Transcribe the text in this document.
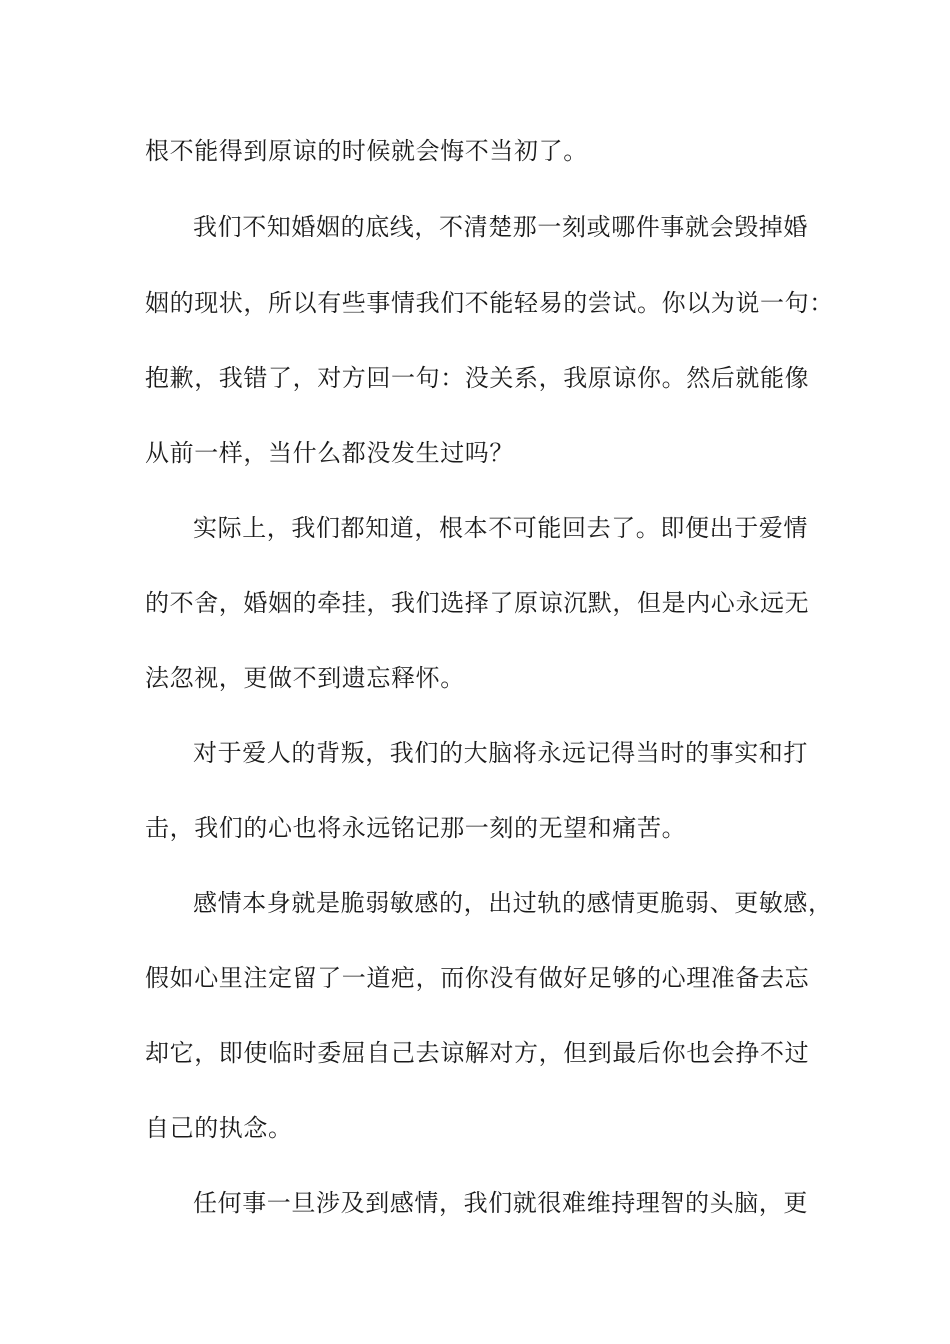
根不能得到原谅的时候就会悔不当初了。

我们不知婚姻的底线，不清楚那一刻或哪件事就会毁掉婚

姻的现状，所以有些事情我们不能轻易的尝试。你以为说一句：

抱歉，我错了，对方回一句：没关系，我原谅你。然后就能像

从前一样，当什么都没发生过吗？

实际上，我们都知道，根本不可能回去了。即便出于爱情

的不舍，婚姻的牵挂，我们选择了原谅沉默，但是内心永远无

法忽视，更做不到遗忘释怀。

对于爱人的背叛，我们的大脑将永远记得当时的事实和打

击，我们的心也将永远铭记那一刻的无望和痛苦。

感情本身就是脆弱敏感的，出过轨的感情更脆弱、更敏感，

假如心里注定留了一道疤，而你没有做好足够的心理准备去忘

却它，即使临时委屈自己去谅解对方，但到最后你也会挣不过

自己的执念。

任何事一旦涉及到感情，我们就很难维持理智的头脑，更
